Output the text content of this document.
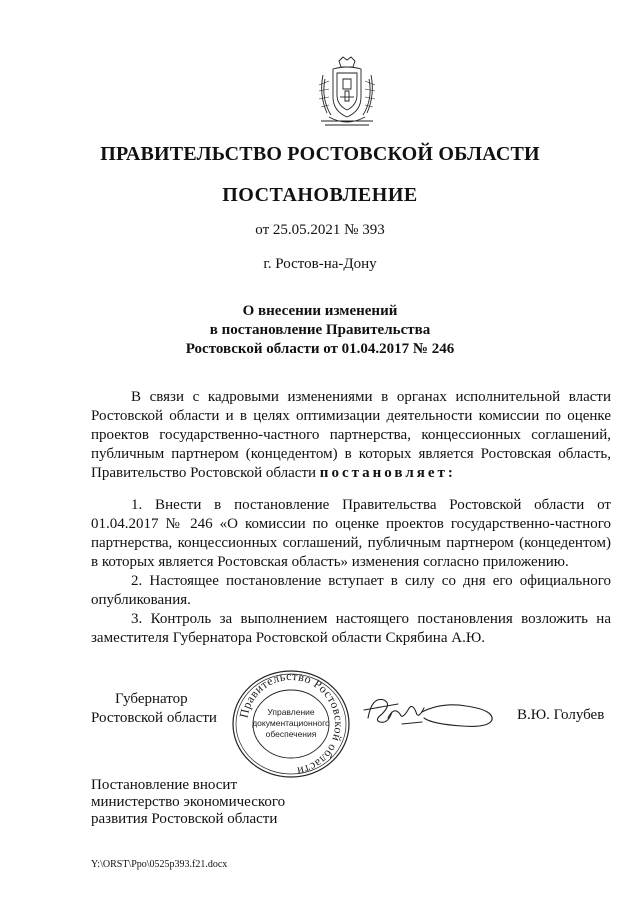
ПРАВИТЕЛЬСТВО РОСТОВСКОЙ ОБЛАСТИ
ПОСТАНОВЛЕНИЕ
от 25.05.2021 № 393
г. Ростов-на-Дону
О внесении изменений
в постановление Правительства
Ростовской области от 01.04.2017 № 246

В связи с кадровыми изменениями в органах исполнительной власти Ростовской области и в целях оптимизации деятельности комиссии по оценке проектов государственно-частного партнерства, концессионных соглашений, публичным партнером (концедентом) в которых является Ростовская область, Правительство Ростовской области постановляет:

1. Внести в постановление Правительства Ростовской области от 01.04.2017 № 246 «О комиссии по оценке проектов государственно-частного партнерства, концессионных соглашений, публичным партнером (концедентом) в которых является Ростовская область» изменения согласно приложению.

2. Настоящее постановление вступает в силу со дня его официального опубликования.

3. Контроль за выполнением настоящего постановления возложить на заместителя Губернатора Ростовской области Скрябина А.Ю.

Губернатор
Ростовской области Правительство Ростовской области
Управление
документационного
обеспечения
В.Ю. Голубев
Постановление вносит
министерство экономического
развития Ростовской области
Y:\ORST\Ppo\0525p393.f21.docx
